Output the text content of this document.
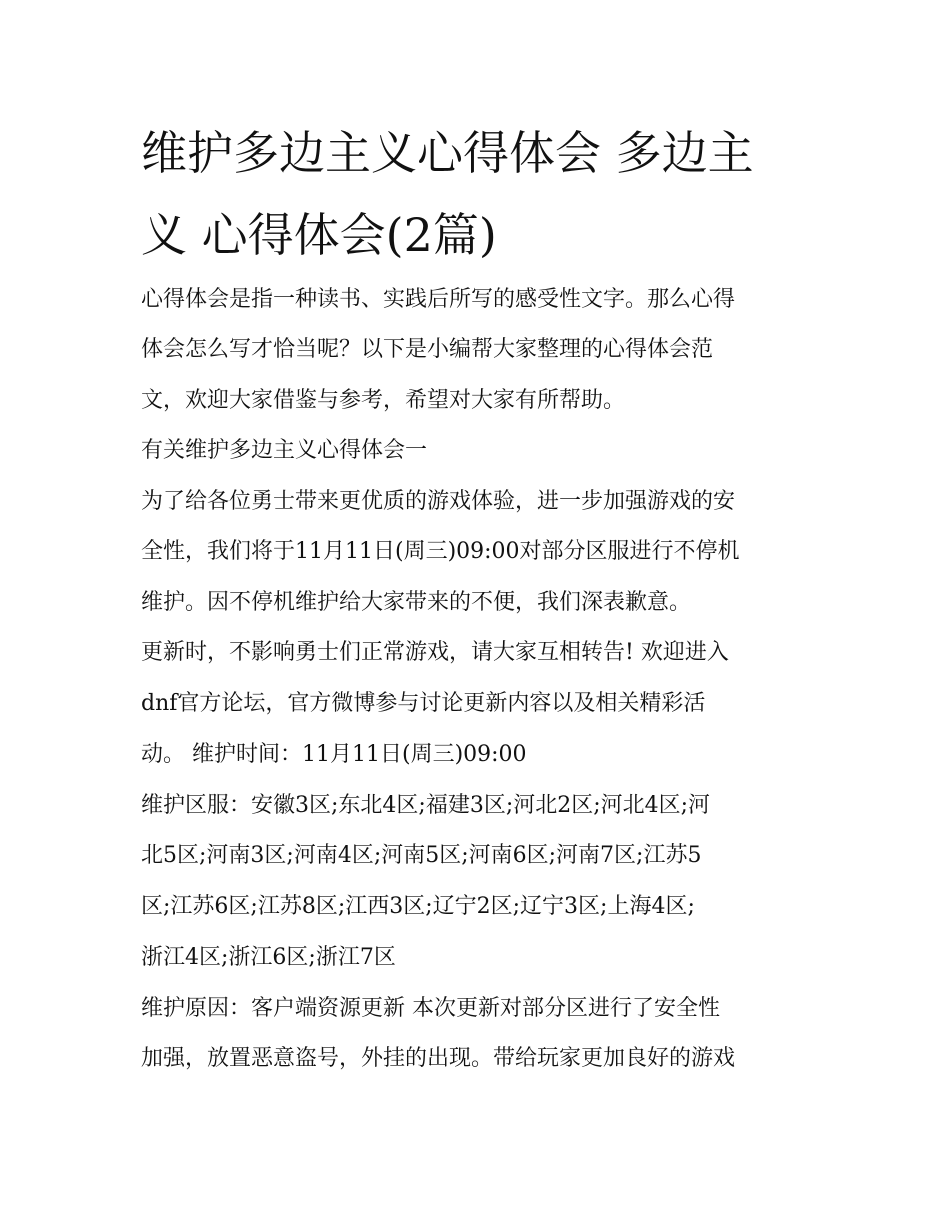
维护多边主义心得体会 多边主
义 心得体会(2篇)

心得体会是指一种读书、实践后所写的感受性文字。那么心得

体会怎么写才恰当呢？以下是小编帮大家整理的心得体会范

文，欢迎大家借鉴与参考，希望对大家有所帮助。

有关维护多边主义心得体会一

为了给各位勇士带来更优质的游戏体验，进一步加强游戏的安

全性，我们将于11月11日(周三)09:00对部分区服进行不停机

维护。因不停机维护给大家带来的不便，我们深表歉意。

更新时，不影响勇士们正常游戏，请大家互相转告! 欢迎进入

dnf官方论坛，官方微博参与讨论更新内容以及相关精彩活

动。 维护时间：11月11日(周三)09:00

维护区服：安徽3区;东北4区;福建3区;河北2区;河北4区;河

北5区;河南3区;河南4区;河南5区;河南6区;河南7区;江苏5

区;江苏6区;江苏8区;江西3区;辽宁2区;辽宁3区;上海4区;

浙江4区;浙江6区;浙江7区

维护原因：客户端资源更新 本次更新对部分区进行了安全性

加强，放置恶意盗号，外挂的出现。带给玩家更加良好的游戏
